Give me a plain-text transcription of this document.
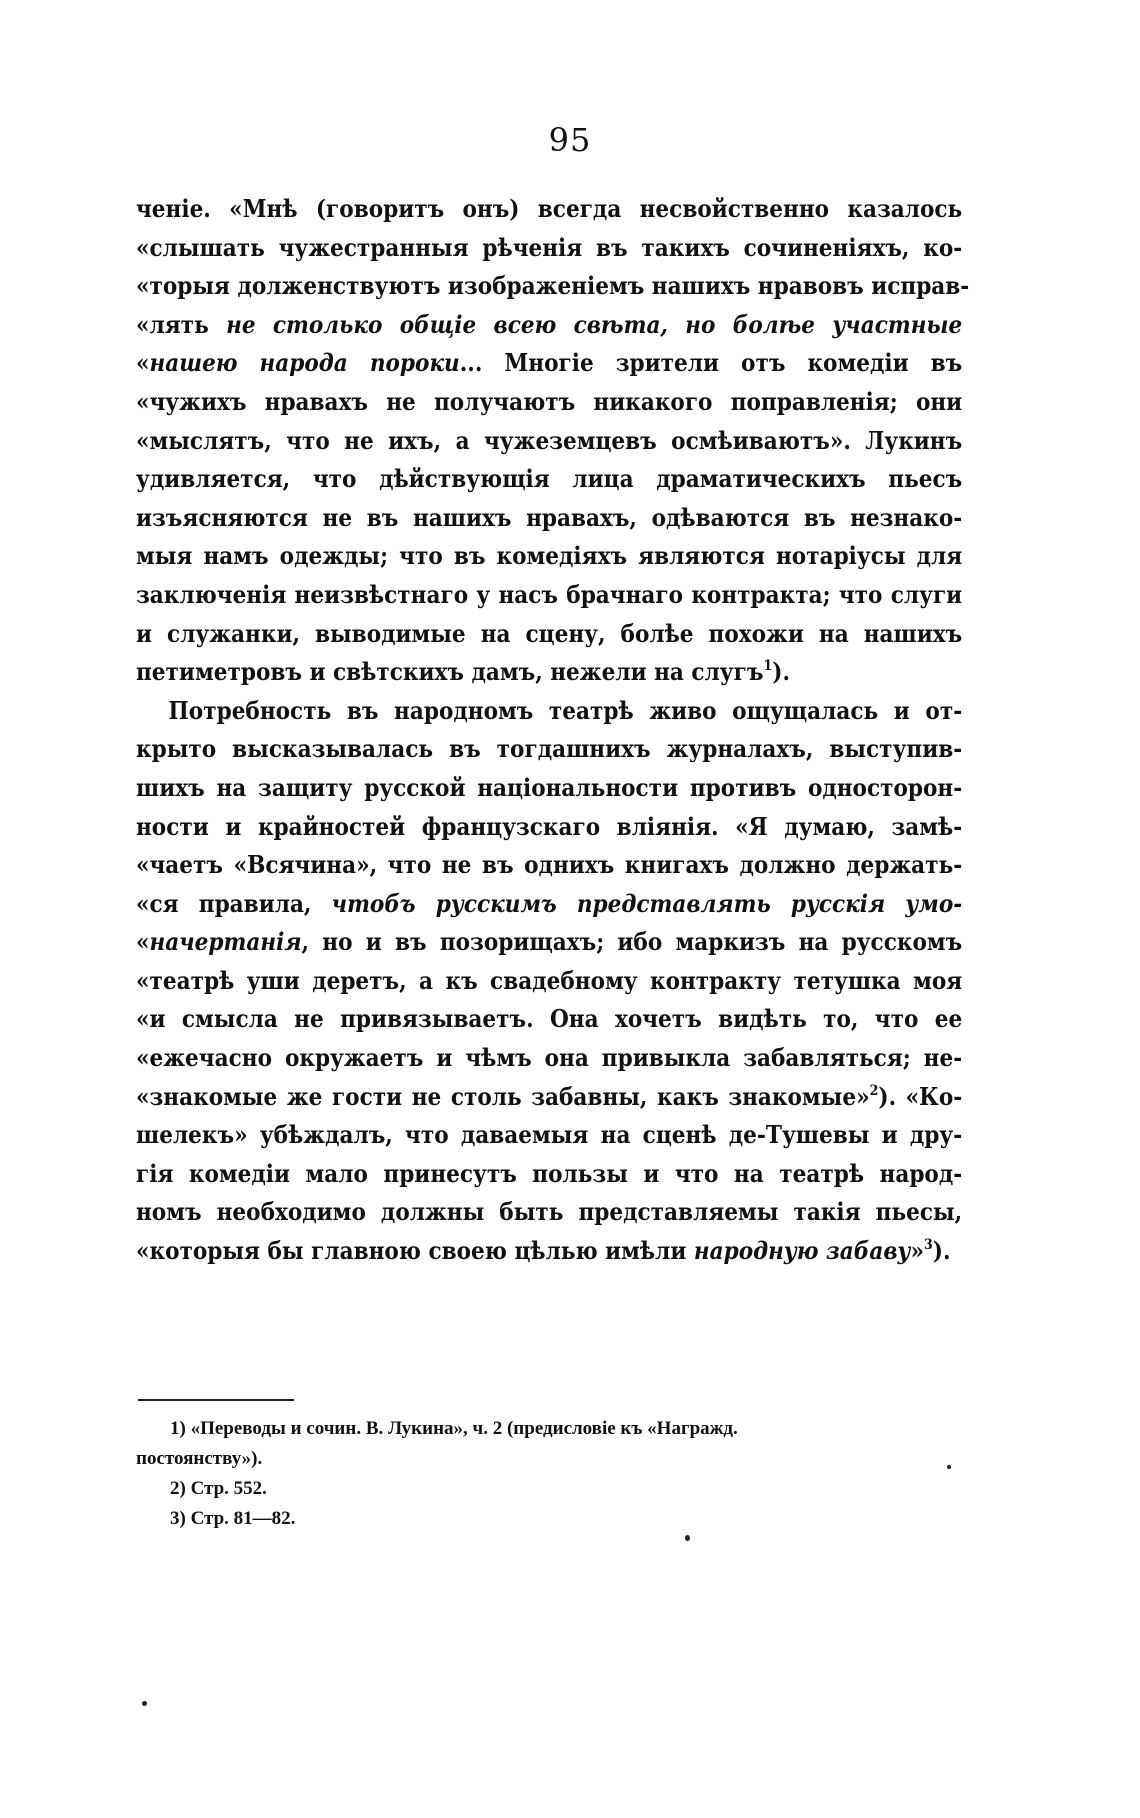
95
ченіе. «Мнѣ (говоритъ онъ) всегда несвойственно казалось
«слышать чужестранныя рѣченія въ такихъ сочиненіяхъ, ко-
«торыя долженствуютъ изображеніемъ нашихъ нравовъ исправ-
«лять не столько общіе всею свѣта, но болѣе участные
«нашею народа пороки... Многіе зрители отъ комедіи въ
«чужихъ нравахъ не получаютъ никакого поправленія; они
«мыслятъ, что не ихъ, а чужеземцевъ осмѣиваютъ». Лукинъ
удивляется, что дѣйствующія лица драматическихъ пьесъ
изъясняются не въ нашихъ нравахъ, одѣваются въ незнако-
мыя намъ одежды; что въ комедіяхъ являются нотаріусы для
заключенія неизвѣстнаго у насъ брачнаго контракта; что слуги
и служанки, выводимые на сцену, болѣе похожи на нашихъ
петиметровъ и свѣтскихъ дамъ, нежели на слугъ$^1$).
Потребность въ народномъ театрѣ живо ощущалась и от-
крыто высказывалась въ тогдашнихъ журналахъ, выступив-
шихъ на защиту русской національности противъ односторон-
ности и крайностей французскаго вліянія. «Я думаю, замѣ-
«чаетъ «Всячина», что не въ однихъ книгахъ должно держать-
«ся правила, чтобъ русскимъ представлять русскія умо-
«начертанія, но и въ позорищахъ; ибо маркизъ на русскомъ
«театрѣ уши деретъ, а къ свадебному контракту тетушка моя
«и смысла не привязываетъ. Она хочетъ видѣть то, что ее
«ежечасно окружаетъ и чѣмъ она привыкла забавляться; не-
«знакомые же гости не столь забавны, какъ знакомые»$^2$). «Ко-
шелекъ» убѣждалъ, что даваемыя на сценѣ де-Тушевы и дру-
гія комедіи мало принесутъ пользы и что на театрѣ народ-
номъ необходимо должны быть представляемы такія пьесы,
«которыя бы главною своею цѣлью имѣли народную забаву»$^3$).
1) «Переводы и сочин. В. Лукина», ч. 2 (предисловіе къ «Награжд.
постоянству»).
2) Стр. 552.
3) Стр. 81—82.
